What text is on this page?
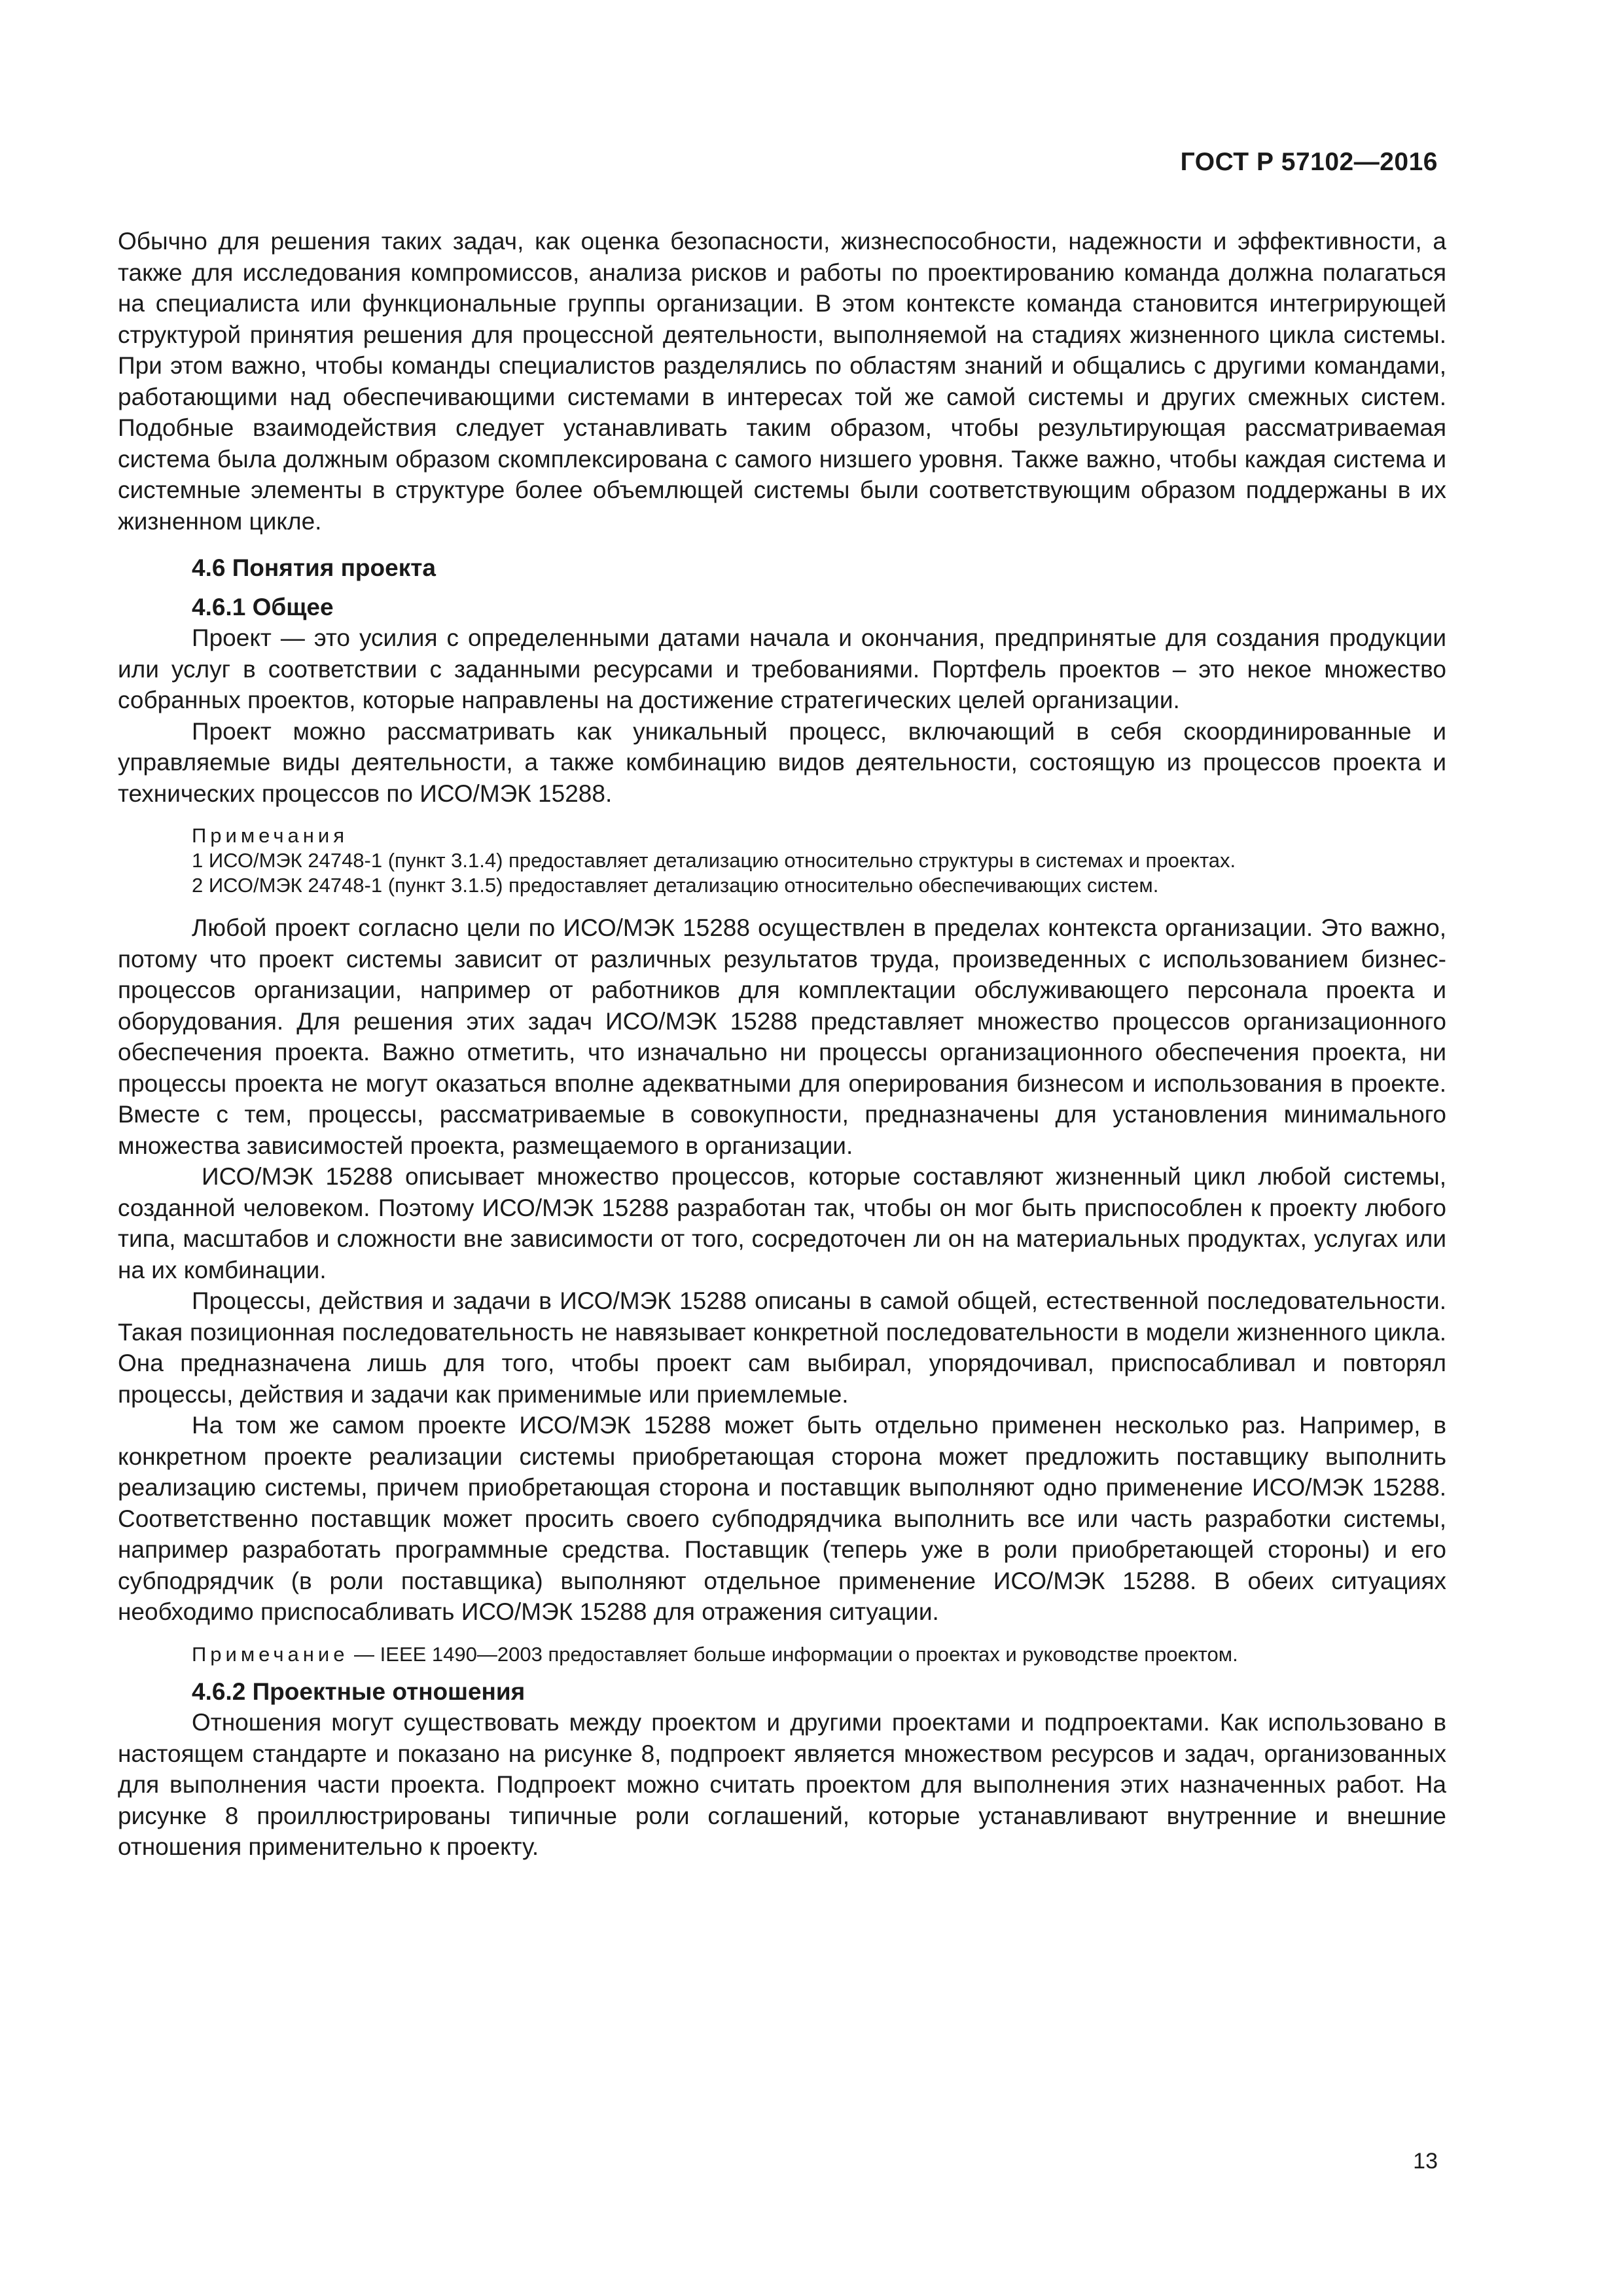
ГОСТ Р 57102—2016

Обычно для решения таких задач, как оценка безопасности, жизнеспособности, надежности и эффективности, а также для исследования компромиссов, анализа рисков и работы по проектированию команда должна полагаться на специалиста или функциональные группы организации. В этом контексте команда становится интегрирующей структурой принятия решения для процессной деятельности, выполняемой на стадиях жизненного цикла системы. При этом важно, чтобы команды специалистов разделялись по областям знаний и общались с другими командами, работающими над обеспечивающими системами в интересах той же самой системы и других смежных систем. Подобные взаимодействия следует устанавливать таким образом, чтобы результирующая рассматриваемая система была должным образом скомплексирована с самого низшего уровня. Также важно, чтобы каждая система и системные элементы в структуре более объемлющей системы были соответствующим образом поддержаны в их жизненном цикле.

4.6 Понятия проекта
4.6.1 Общее

Проект — это усилия с определенными датами начала и окончания, предпринятые для создания продукции или услуг в соответствии с заданными ресурсами и требованиями. Портфель проектов – это некое множество собранных проектов, которые направлены на достижение стратегических целей организации.

Проект можно рассматривать как уникальный процесс, включающий в себя скоординированные и управляемые виды деятельности, а также комбинацию видов деятельности, состоящую из процессов проекта и технических процессов по ИСО/МЭК 15288.

Примечания
1 ИСО/МЭК 24748-1 (пункт 3.1.4) предоставляет детализацию относительно структуры в системах и проектах.
2 ИСО/МЭК 24748-1 (пункт 3.1.5) предоставляет детализацию относительно обеспечивающих систем.

Любой проект согласно цели по ИСО/МЭК 15288 осуществлен в пределах контекста организации. Это важно, потому что проект системы зависит от различных результатов труда, произведенных с использованием бизнес-процессов организации, например от работников для комплектации обслуживающего персонала проекта и оборудования. Для решения этих задач ИСО/МЭК 15288 представляет множество процессов организационного обеспечения проекта. Важно отметить, что изначально ни процессы организационного обеспечения проекта, ни процессы проекта не могут оказаться вполне адекватными для оперирования бизнесом и использования в проекте. Вместе с тем, процессы, рассматриваемые в совокупности, предназначены для установления минимального множества зависимостей проекта, размещаемого в организации.

ИСО/МЭК 15288 описывает множество процессов, которые составляют жизненный цикл любой системы, созданной человеком. Поэтому ИСО/МЭК 15288 разработан так, чтобы он мог быть приспособлен к проекту любого типа, масштабов и сложности вне зависимости от того, сосредоточен ли он на материальных продуктах, услугах или на их комбинации.

Процессы, действия и задачи в ИСО/МЭК 15288 описаны в самой общей, естественной последовательности. Такая позиционная последовательность не навязывает конкретной последовательности в модели жизненного цикла. Она предназначена лишь для того, чтобы проект сам выбирал, упорядочивал, приспосабливал и повторял процессы, действия и задачи как применимые или приемлемые.

На том же самом проекте ИСО/МЭК 15288 может быть отдельно применен несколько раз. Например, в конкретном проекте реализации системы приобретающая сторона может предложить поставщику выполнить реализацию системы, причем приобретающая сторона и поставщик выполняют одно применение ИСО/МЭК 15288. Соответственно поставщик может просить своего субподрядчика выполнить все или часть разработки системы, например разработать программные средства. Поставщик (теперь уже в роли приобретающей стороны) и его субподрядчик (в роли поставщика) выполняют отдельное применение ИСО/МЭК 15288. В обеих ситуациях необходимо приспосабливать ИСО/МЭК 15288 для отражения ситуации.

Примечание — IEEE 1490—2003 предоставляет больше информации о проектах и руководстве проектом.
4.6.2 Проектные отношения

Отношения могут существовать между проектом и другими проектами и подпроектами. Как использовано в настоящем стандарте и показано на рисунке 8, подпроект является множеством ресурсов и задач, организованных для выполнения части проекта. Подпроект можно считать проектом для выполнения этих назначенных работ. На рисунке 8 проиллюстрированы типичные роли соглашений, которые устанавливают внутренние и внешние отношения применительно к проекту.

13
